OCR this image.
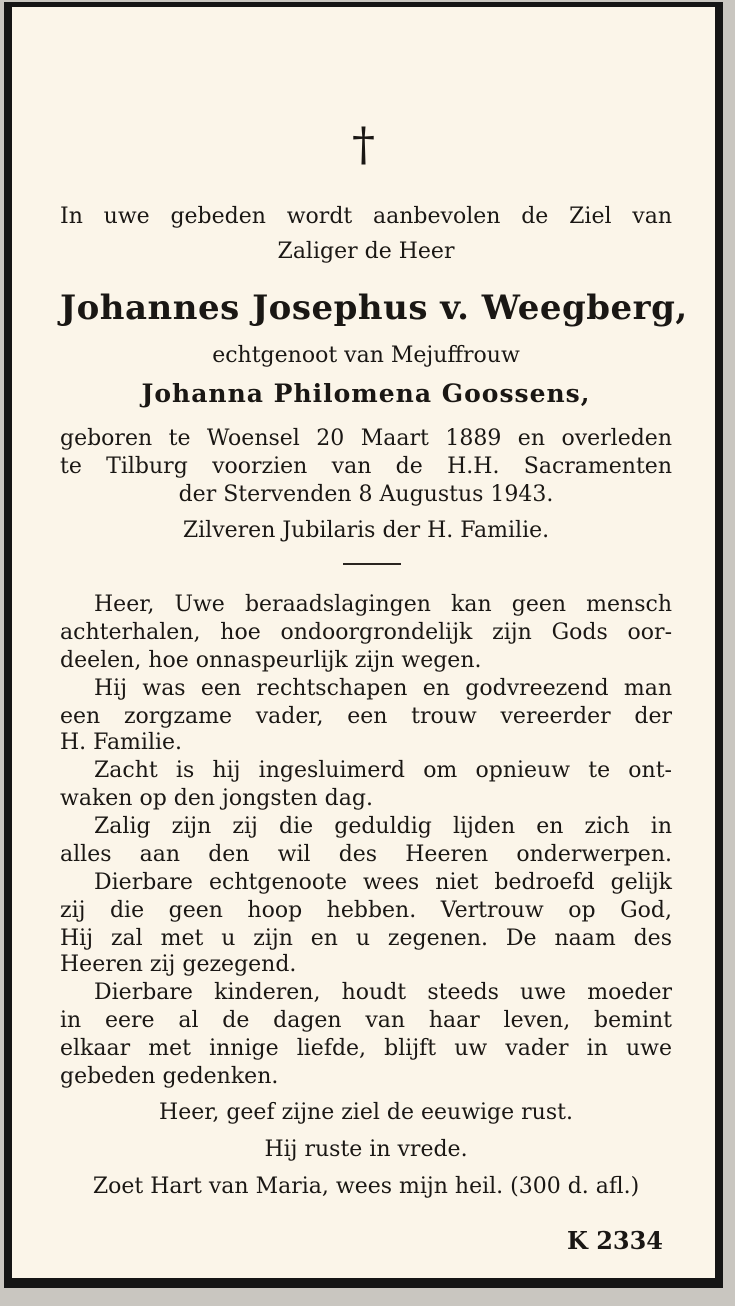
†
In uwe gebeden wordt aanbevolen de Ziel van
Zaliger de Heer
Johannes Josephus v. Weegberg,
echtgenoot van Mejuffrouw
Johanna Philomena Goossens,
geboren te Woensel 20 Maart 1889 en overleden
te Tilburg voorzien van de H.H. Sacramenten
der Stervenden 8 Augustus 1943.
Zilveren Jubilaris der H. Familie.
Heer, Uwe beraadslagingen kan geen mensch
achterhalen, hoe ondoorgrondelijk zijn Gods oor-
deelen, hoe onnaspeurlijk zijn wegen.
Hij was een rechtschapen en godvreezend man
een zorgzame vader, een trouw vereerder der
H. Familie.
Zacht is hij ingesluimerd om opnieuw te ont-
waken op den jongsten dag.
Zalig zijn zij die geduldig lijden en zich in
alles aan den wil des Heeren onderwerpen.
Dierbare echtgenoote wees niet bedroefd gelijk
zij die geen hoop hebben. Vertrouw op God,
Hij zal met u zijn en u zegenen. De naam des
Heeren zij gezegend.
Dierbare kinderen, houdt steeds uwe moeder
in eere al de dagen van haar leven, bemint
elkaar met innige liefde, blijft uw vader in uwe
gebeden gedenken.
Heer, geef zijne ziel de eeuwige rust.
Hij ruste in vrede.
Zoet Hart van Maria, wees mijn heil. (300 d. afl.)
K 2334
